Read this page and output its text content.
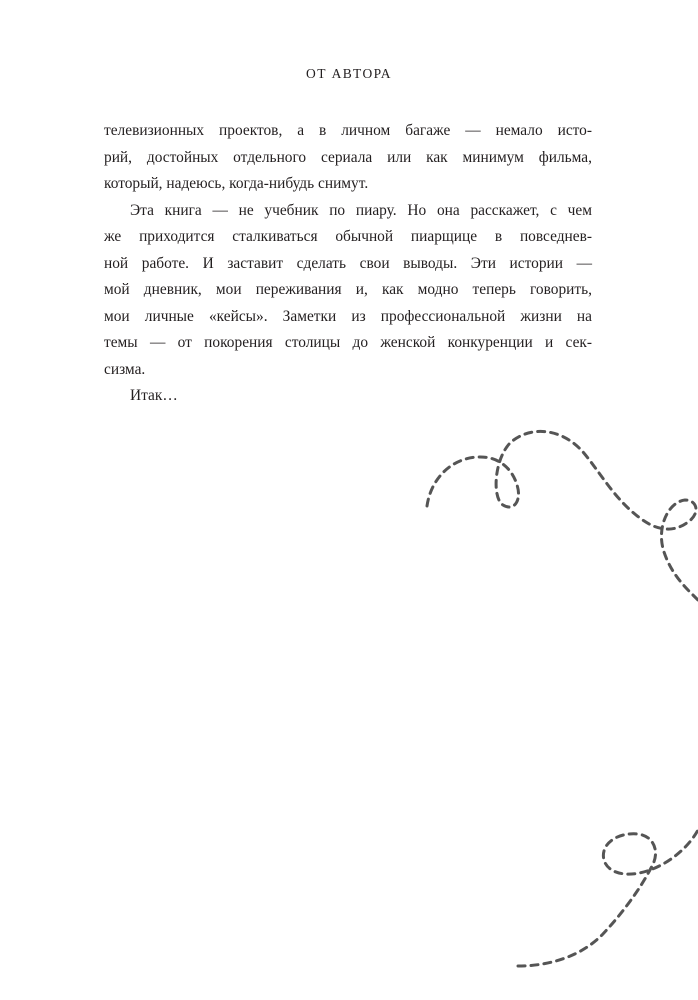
ОТ АВТОРА
телевизионных проектов, а в личном багаже — немало исто-
рий, достойных отдельного сериала или как минимум фильма,
который, надеюсь, когда-нибудь снимут.
Эта книга — не учебник по пиару. Но она расскажет, с чем
же приходится сталкиваться обычной пиарщице в повседнев-
ной работе. И заставит сделать свои выводы. Эти истории —
мой дневник, мои переживания и, как модно теперь говорить,
мои личные «кейсы». Заметки из профессиональной жизни на
темы — от покорения столицы до женской конкуренции и сек-
сизма.
Итак…
